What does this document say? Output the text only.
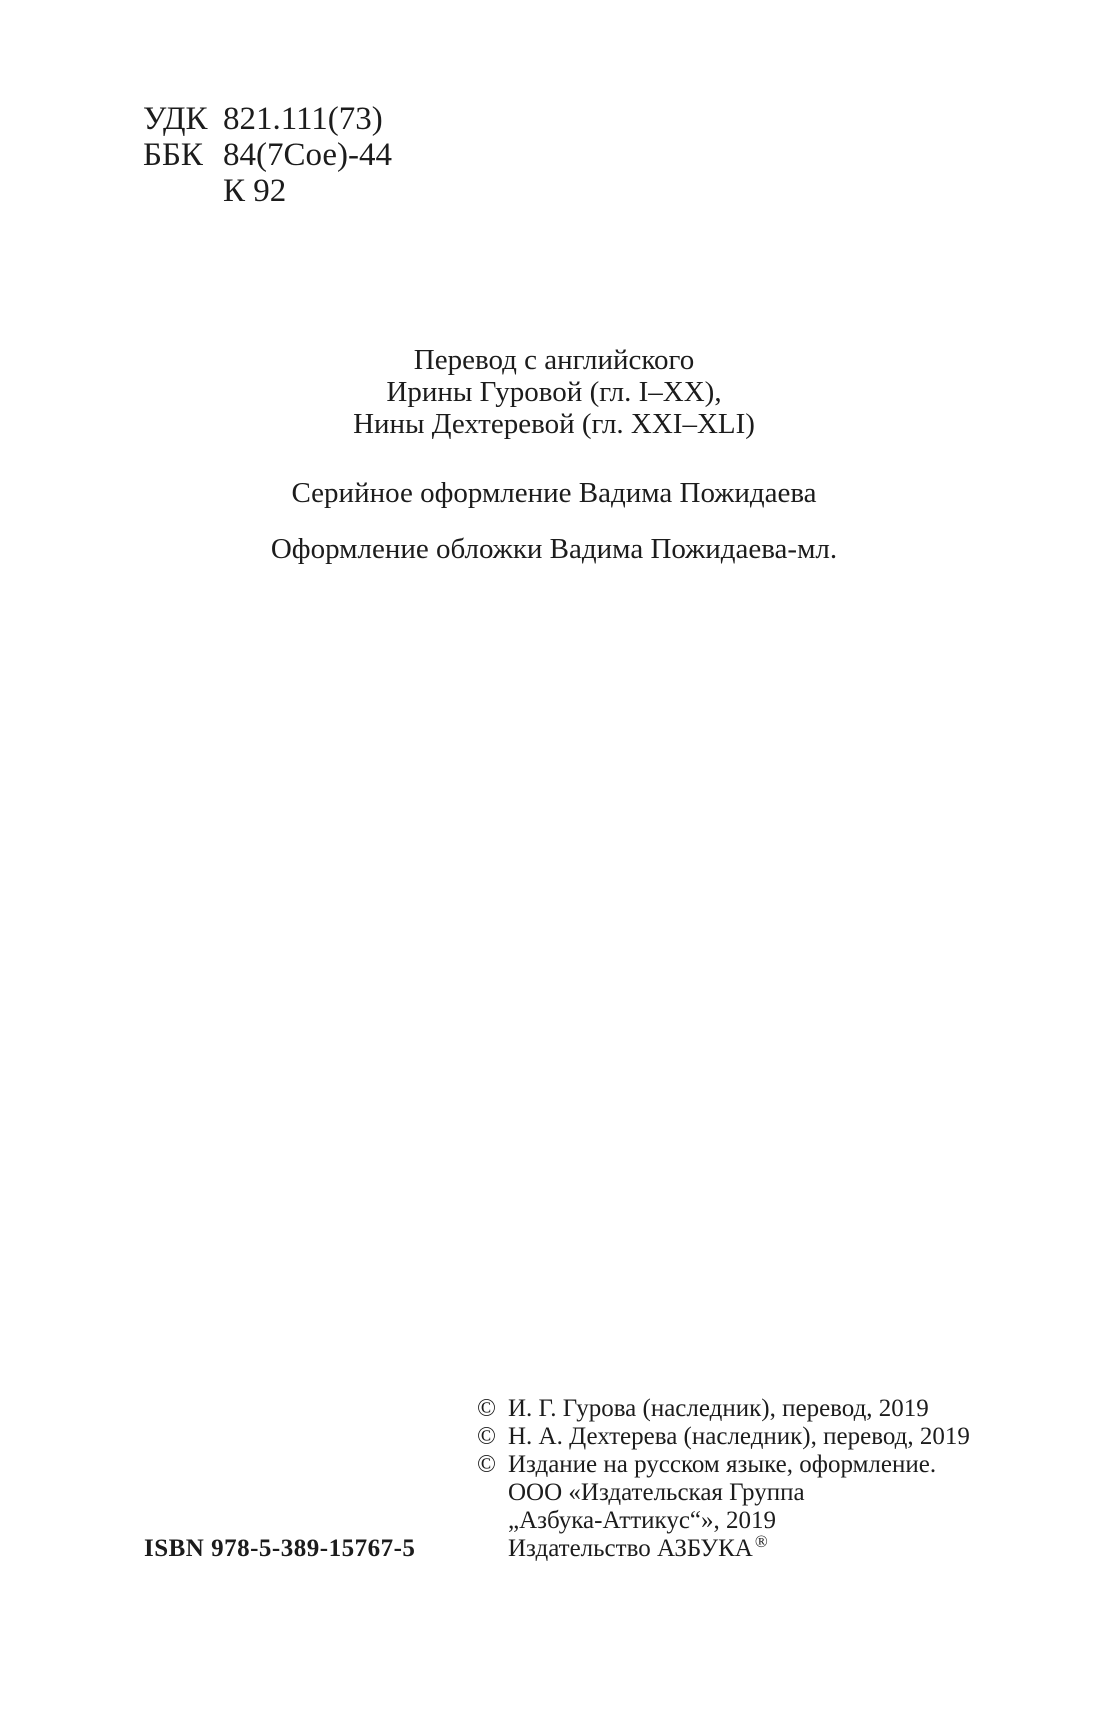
УДК 821.111(73)
ББК 84(7Сое)-44
К 92
Перевод с английского
Ирины Гуровой (гл. I–XX),
Нины Дехтеревой (гл. XXI–XLI)
Серийное оформление Вадима Пожидаева
Оформление обложки Вадима Пожидаева-мл.
© И. Г. Гурова (наследник), перевод, 2019
© Н. А. Дехтерева (наследник), перевод, 2019
© Издание на русском языке, оформление.
ООО «Издательская Группа
„Азбука-Аттикус“», 2019
Издательство АЗБУКА ®
ISBN 978-5-389-15767-5
